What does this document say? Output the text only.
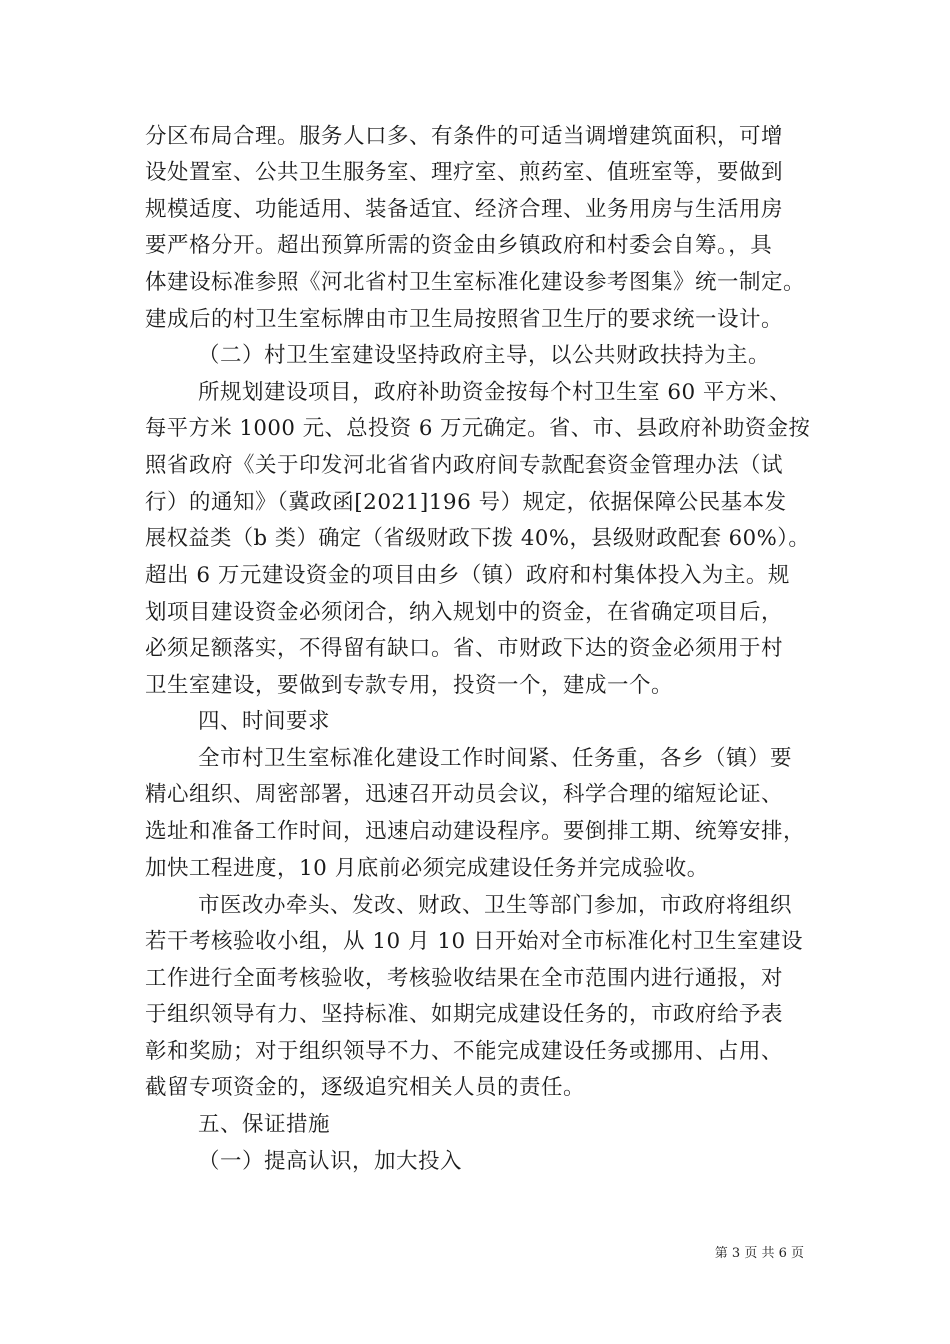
分区布局合理。服务人口多、有条件的可适当调增建筑面积，可增
设处置室、公共卫生服务室、理疗室、煎药室、值班室等，要做到
规模适度、功能适用、装备适宜、经济合理、业务用房与生活用房
要严格分开。超出预算所需的资金由乡镇政府和村委会自筹。，具
体建设标准参照《河北省村卫生室标准化建设参考图集》统一制定。
建成后的村卫生室标牌由市卫生局按照省卫生厅的要求统一设计。
（二）村卫生室建设坚持政府主导，以公共财政扶持为主。
所规划建设项目，政府补助资金按每个村卫生室 60 平方米、
每平方米 1000 元、总投资 6 万元确定。省、市、县政府补助资金按
照省政府《关于印发河北省省内政府间专款配套资金管理办法（试
行）的通知》（冀政函[2021]196 号）规定，依据保障公民基本发
展权益类（b 类）确定（省级财政下拨 40%，县级财政配套 60%）。
超出 6 万元建设资金的项目由乡（镇）政府和村集体投入为主。规
划项目建设资金必须闭合，纳入规划中的资金，在省确定项目后，
必须足额落实，不得留有缺口。省、市财政下达的资金必须用于村
卫生室建设，要做到专款专用，投资一个，建成一个。
四、时间要求
全市村卫生室标准化建设工作时间紧、任务重，各乡（镇）要
精心组织、周密部署，迅速召开动员会议，科学合理的缩短论证、
选址和准备工作时间，迅速启动建设程序。要倒排工期、统筹安排，
加快工程进度，10 月底前必须完成建设任务并完成验收。
市医改办牵头、发改、财政、卫生等部门参加，市政府将组织
若干考核验收小组，从 10 月 10 日开始对全市标准化村卫生室建设
工作进行全面考核验收，考核验收结果在全市范围内进行通报，对
于组织领导有力、坚持标准、如期完成建设任务的，市政府给予表
彰和奖励；对于组织领导不力、不能完成建设任务或挪用、占用、
截留专项资金的，逐级追究相关人员的责任。
五、保证措施
（一）提高认识，加大投入
第 3 页 共 6 页
